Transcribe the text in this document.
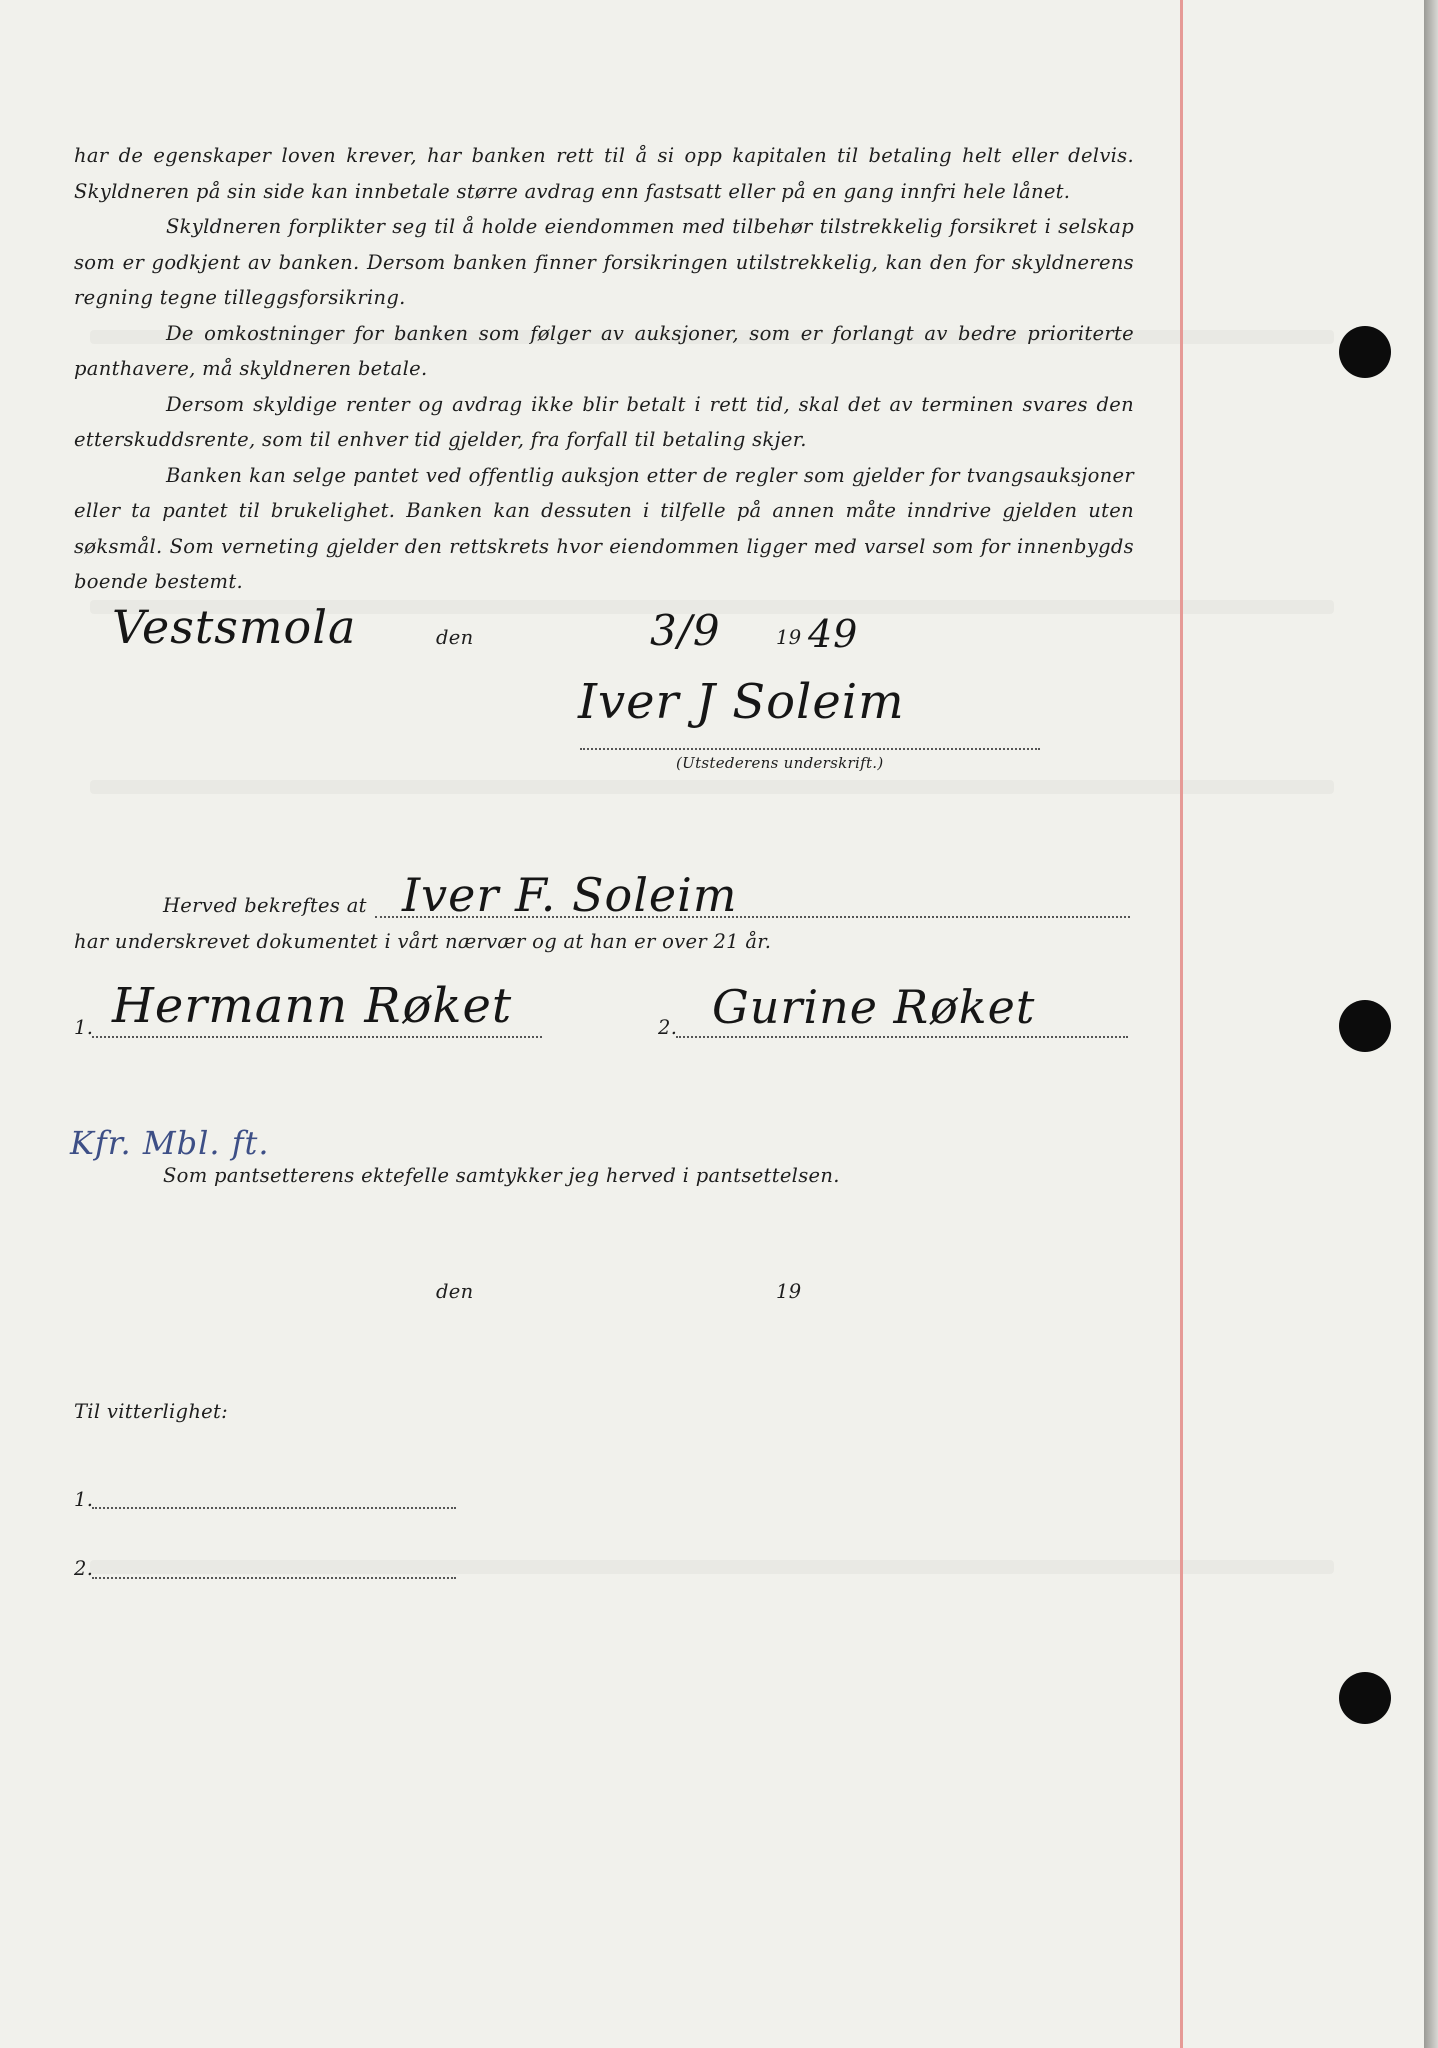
har de egenskaper loven krever, har banken rett til å si opp kapitalen til betaling helt eller delvis. Skyldneren på sin side kan innbetale større avdrag enn fastsatt eller på en gang innfri hele lånet.

Skyldneren forplikter seg til å holde eiendommen med tilbehør tilstrekkelig forsikret i selskap som er godkjent av banken. Dersom banken finner forsikringen utilstrekkelig, kan den for skyldnerens regning tegne tilleggsforsikring.

De omkostninger for banken som følger av auksjoner, som er forlangt av bedre prioriterte panthavere, må skyldneren betale.

Dersom skyldige renter og avdrag ikke blir betalt i rett tid, skal det av terminen svares den etterskuddsrente, som til enhver tid gjelder, fra forfall til betaling skjer.

Banken kan selge pantet ved offentlig auksjon etter de regler som gjelder for tvangsauksjoner eller ta pantet til brukelighet. Banken kan dessuten i tilfelle på annen måte inndrive gjelden uten søksmål. Som verneting gjelder den rettskrets hvor eiendommen ligger med varsel som for innenbygds boende bestemt.

Vestsmola	den	3/9	19 49
Iver J Soleim
(Utstederens underskrift.)
Herved bekreftes at Iver F. Soleim
har underskrevet dokumentet i vårt nærvær og at han er over 21 år.
1. Hermann Røket	2. Gurine Røket
Kfr. Mbl. ft.
Som pantsetterens ektefelle samtykker jeg herved i pantsettelsen.
den	19
Til vitterlighet:
1.
2.
